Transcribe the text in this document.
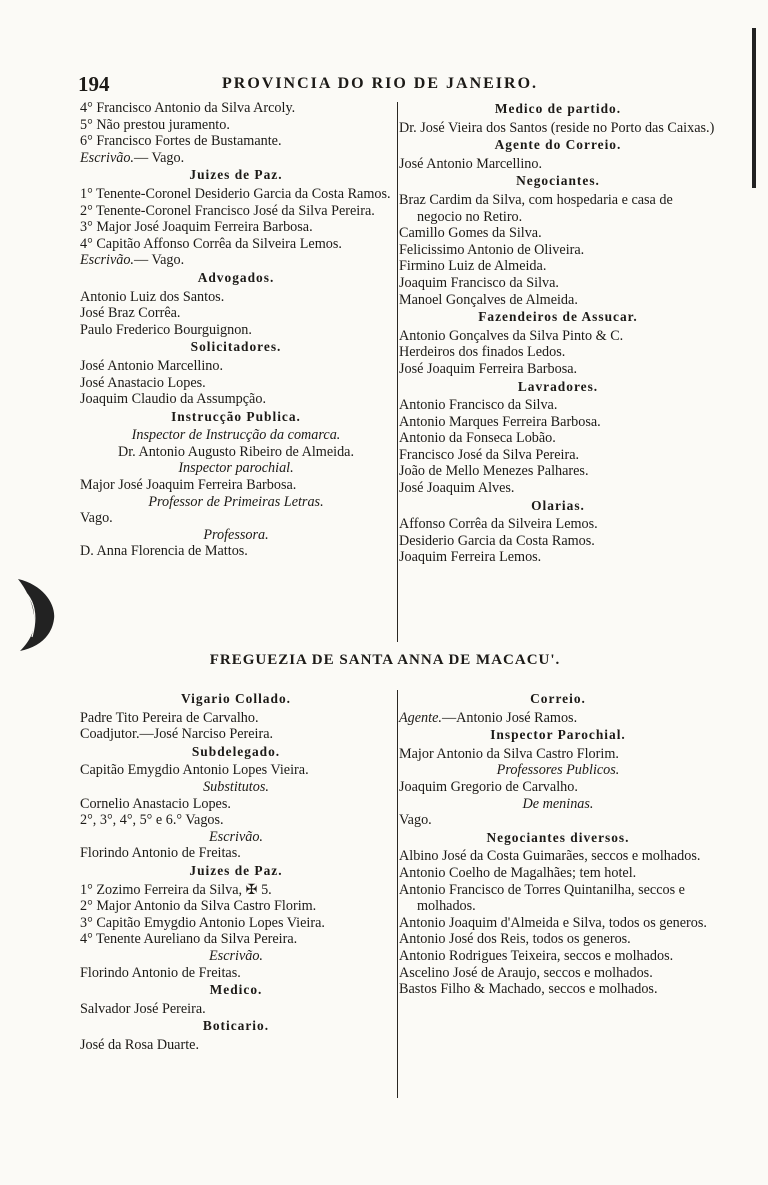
194	PROVINCIA DO RIO DE JANEIRO.
4° Francisco Antonio da Silva Arcoly.
5° Não prestou juramento.
6° Francisco Fortes de Bustamante.
Escrivão.— Vago.
Juizes de Paz.
1° Tenente-Coronel Desiderio Garcia da Costa Ramos.
2° Tenente-Coronel Francisco José da Silva Pereira.
3° Major José Joaquim Ferreira Barbosa.
4° Capitão Affonso Corrêa da Silveira Lemos.
Escrivão.— Vago.
Advogados.
Antonio Luiz dos Santos.
José Braz Corrêa.
Paulo Frederico Bourguignon.
Solicitadores.
José Antonio Marcellino.
José Anastacio Lopes.
Joaquim Claudio da Assumpção.
Instrucção Publica.
Inspector de Instrucção da comarca.
Dr. Antonio Augusto Ribeiro de Almeida.
Inspector parochial.
Major José Joaquim Ferreira Barbosa.
Professor de Primeiras Letras.
Vago.
Professora.
D. Anna Florencia de Mattos.
Medico de partido.
Dr. José Vieira dos Santos (reside no Porto das Caixas.)
Agente do Correio.
José Antonio Marcellino.
Negociantes.
Braz Cardim da Silva, com hospedaria e casa de negocio no Retiro.
Camillo Gomes da Silva.
Felicissimo Antonio de Oliveira.
Firmino Luiz de Almeida.
Joaquim Francisco da Silva.
Manoel Gonçalves de Almeida.
Fazendeiros de Assucar.
Antonio Gonçalves da Silva Pinto & C.
Herdeiros dos finados Ledos.
José Joaquim Ferreira Barbosa.
Lavradores.
Antonio Francisco da Silva.
Antonio Marques Ferreira Barbosa.
Antonio da Fonseca Lobão.
Francisco José da Silva Pereira.
João de Mello Menezes Palhares.
José Joaquim Alves.
Olarias.
Affonso Corrêa da Silveira Lemos.
Desiderio Garcia da Costa Ramos.
Joaquim Ferreira Lemos.
FREGUEZIA DE SANTA ANNA DE MACACU'.
Vigario Collado.
Padre Tito Pereira de Carvalho.
Coadjutor.—José Narciso Pereira.
Subdelegado.
Capitão Emygdio Antonio Lopes Vieira.
Substitutos.
Cornelio Anastacio Lopes.
2°, 3°, 4°, 5° e 6.° Vagos.
Escrivão.
Florindo Antonio de Freitas.
Juizes de Paz.
1° Zozimo Ferreira da Silva, ✠ 5.
2° Major Antonio da Silva Castro Florim.
3° Capitão Emygdio Antonio Lopes Vieira.
4° Tenente Aureliano da Silva Pereira.
Escrivão.
Florindo Antonio de Freitas.
Medico.
Salvador José Pereira.
Boticario.
José da Rosa Duarte.
Correio.
Agente.—Antonio José Ramos.
Inspector Parochial.
Major Antonio da Silva Castro Florim.
Professores Publicos.
Joaquim Gregorio de Carvalho.
De meninas.
Vago.
Negociantes diversos.
Albino José da Costa Guimarães, seccos e molhados.
Antonio Coelho de Magalhães; tem hotel.
Antonio Francisco de Torres Quintanilha, seccos e molhados.
Antonio Joaquim d'Almeida e Silva, todos os generos.
Antonio José dos Reis, todos os generos.
Antonio Rodrigues Teixeira, seccos e molhados.
Ascelino José de Araujo, seccos e molhados.
Bastos Filho & Machado, seccos e molhados.
